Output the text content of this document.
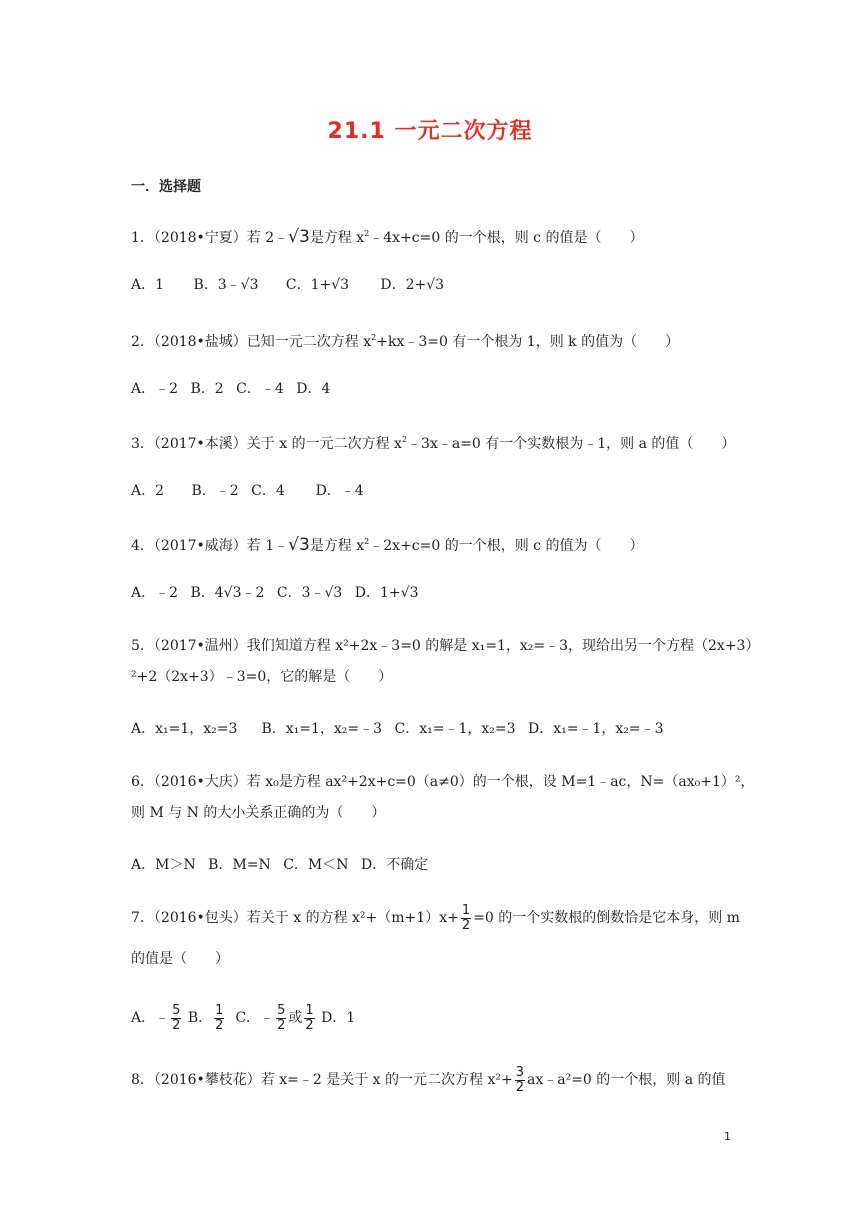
21.1 一元二次方程
一．选择题
1．（2018•宁夏）若 2﹣√3是方程 $x^2﹣4x+c=0$ 的一个根，则 c 的值是（　　）
A．1 B．3﹣√3 C．1+√3 D．2+√3
2．（2018•盐城）已知一元二次方程 $x^2+kx﹣3=0$ 有一个根为 1，则 k 的值为（　　）
A．﹣2 B．2 C．﹣4 D．4
3．（2017•本溪）关于 x 的一元二次方程 $x^2﹣3x﹣a=0$ 有一个实数根为﹣1，则 a 的值（　　）
A．2 B．﹣2 C．4 D．﹣4
4．（2017•威海）若 1﹣√3是方程 $x^2﹣2x+c=0$ 的一个根，则 c 的值为（　　）
A．﹣2 B．4√3﹣2 C．3﹣√3 D．1+√3
5．（2017•温州）我们知道方程 x²+2x﹣3=0 的解是 x₁=1，x₂=﹣3，现给出另一个方程（2x+3）
²+2（2x+3）﹣3=0，它的解是（　　）
A．x₁=1，x₂=3 B．x₁=1，x₂=﹣3 C．x₁=﹣1，x₂=3 D．x₁=﹣1，x₂=﹣3
6．（2016•大庆）若 x₀是方程 ax²+2x+c=0（a≠0）的一个根，设 M=1﹣ac，N=（ax₀+1）²，
则 M 与 N 的大小关系正确的为（　　）
A．M＞N B．M=N C．M＜N D．不确定
7．（2016•包头）若关于 x 的方程 $x^2+(m+1)x+ \frac{1}{2} =0$ 的一个实数根的倒数恰是它本身，则 m
的值是（　　）
A．﹣ $\frac{5}{2}$ B． $\frac{1}{2}$ C．﹣ $\frac{5}{2}$ 或 $\frac{1}{2}$ D．1
8．（2016•攀枝花）若 x=﹣2 是关于 x 的一元二次方程 $x^2+ \frac{3}{2}$ ax﹣a²=0 的一个根，则 a 的值
1
